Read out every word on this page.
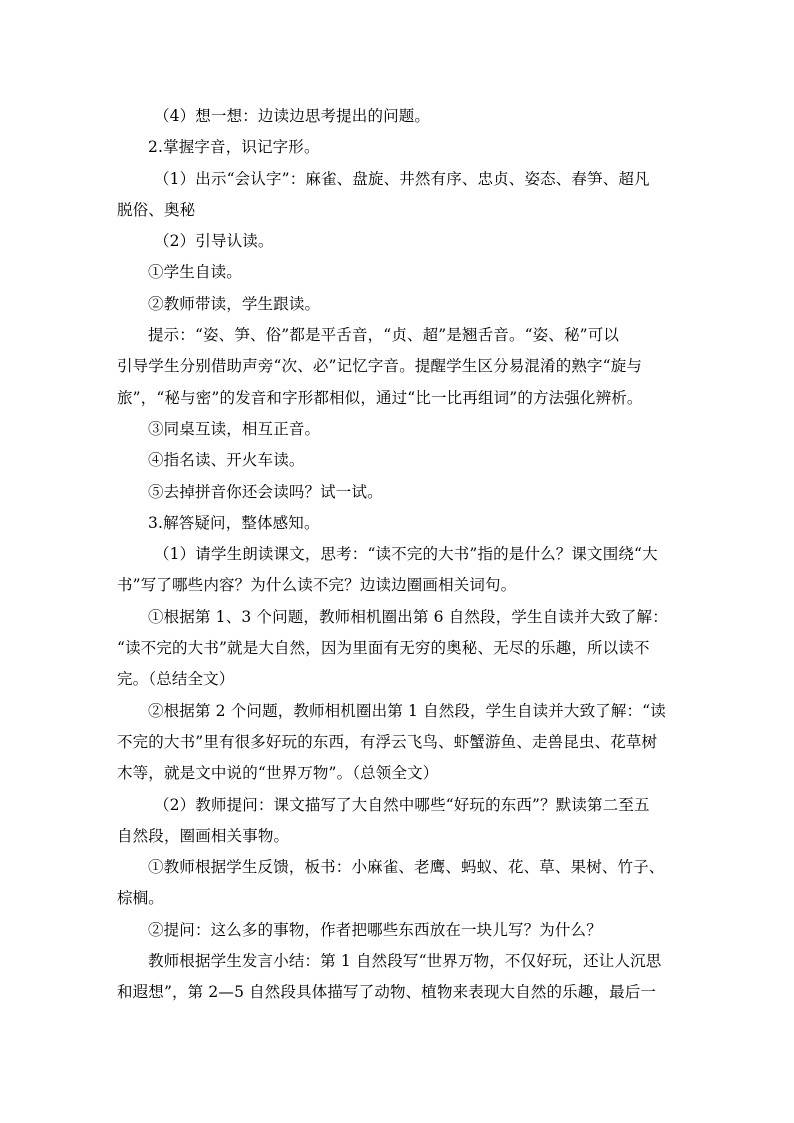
（4）想一想：边读边思考提出的问题。
2.掌握字音，识记字形。
（1）出示“会认字”：麻雀、盘旋、井然有序、忠贞、姿态、春笋、超凡
脱俗、奥秘
（2）引导认读。
①学生自读。
②教师带读，学生跟读。
提示：“姿、笋、俗”都是平舌音，“贞、超”是翘舌音。“姿、秘”可以
引导学生分别借助声旁“次、必”记忆字音。提醒学生区分易混淆的熟字“旋与
旅”，“秘与密”的发音和字形都相似，通过“比一比再组词”的方法强化辨析。
③同桌互读，相互正音。
④指名读、开火车读。
⑤去掉拼音你还会读吗？试一试。
3.解答疑问，整体感知。
（1）请学生朗读课文，思考：“读不完的大书”指的是什么？课文围绕“大
书”写了哪些内容？为什么读不完？边读边圈画相关词句。
①根据第 1、3 个问题，教师相机圈出第 6 自然段，学生自读并大致了解：
“读不完的大书”就是大自然，因为里面有无穷的奥秘、无尽的乐趣，所以读不
完。（总结全文）
②根据第 2 个问题，教师相机圈出第 1 自然段，学生自读并大致了解：“读
不完的大书”里有很多好玩的东西，有浮云飞鸟、虾蟹游鱼、走兽昆虫、花草树
木等，就是文中说的“世界万物”。（总领全文）
（2）教师提问：课文描写了大自然中哪些“好玩的东西”？默读第二至五
自然段，圈画相关事物。
①教师根据学生反馈，板书：小麻雀、老鹰、蚂蚁、花、草、果树、竹子、
棕榈。
②提问：这么多的事物，作者把哪些东西放在一块儿写？为什么？
教师根据学生发言小结：第 1 自然段写“世界万物，不仅好玩，还让人沉思
和遐想”，第 2—5 自然段具体描写了动物、植物来表现大自然的乐趣，最后一
